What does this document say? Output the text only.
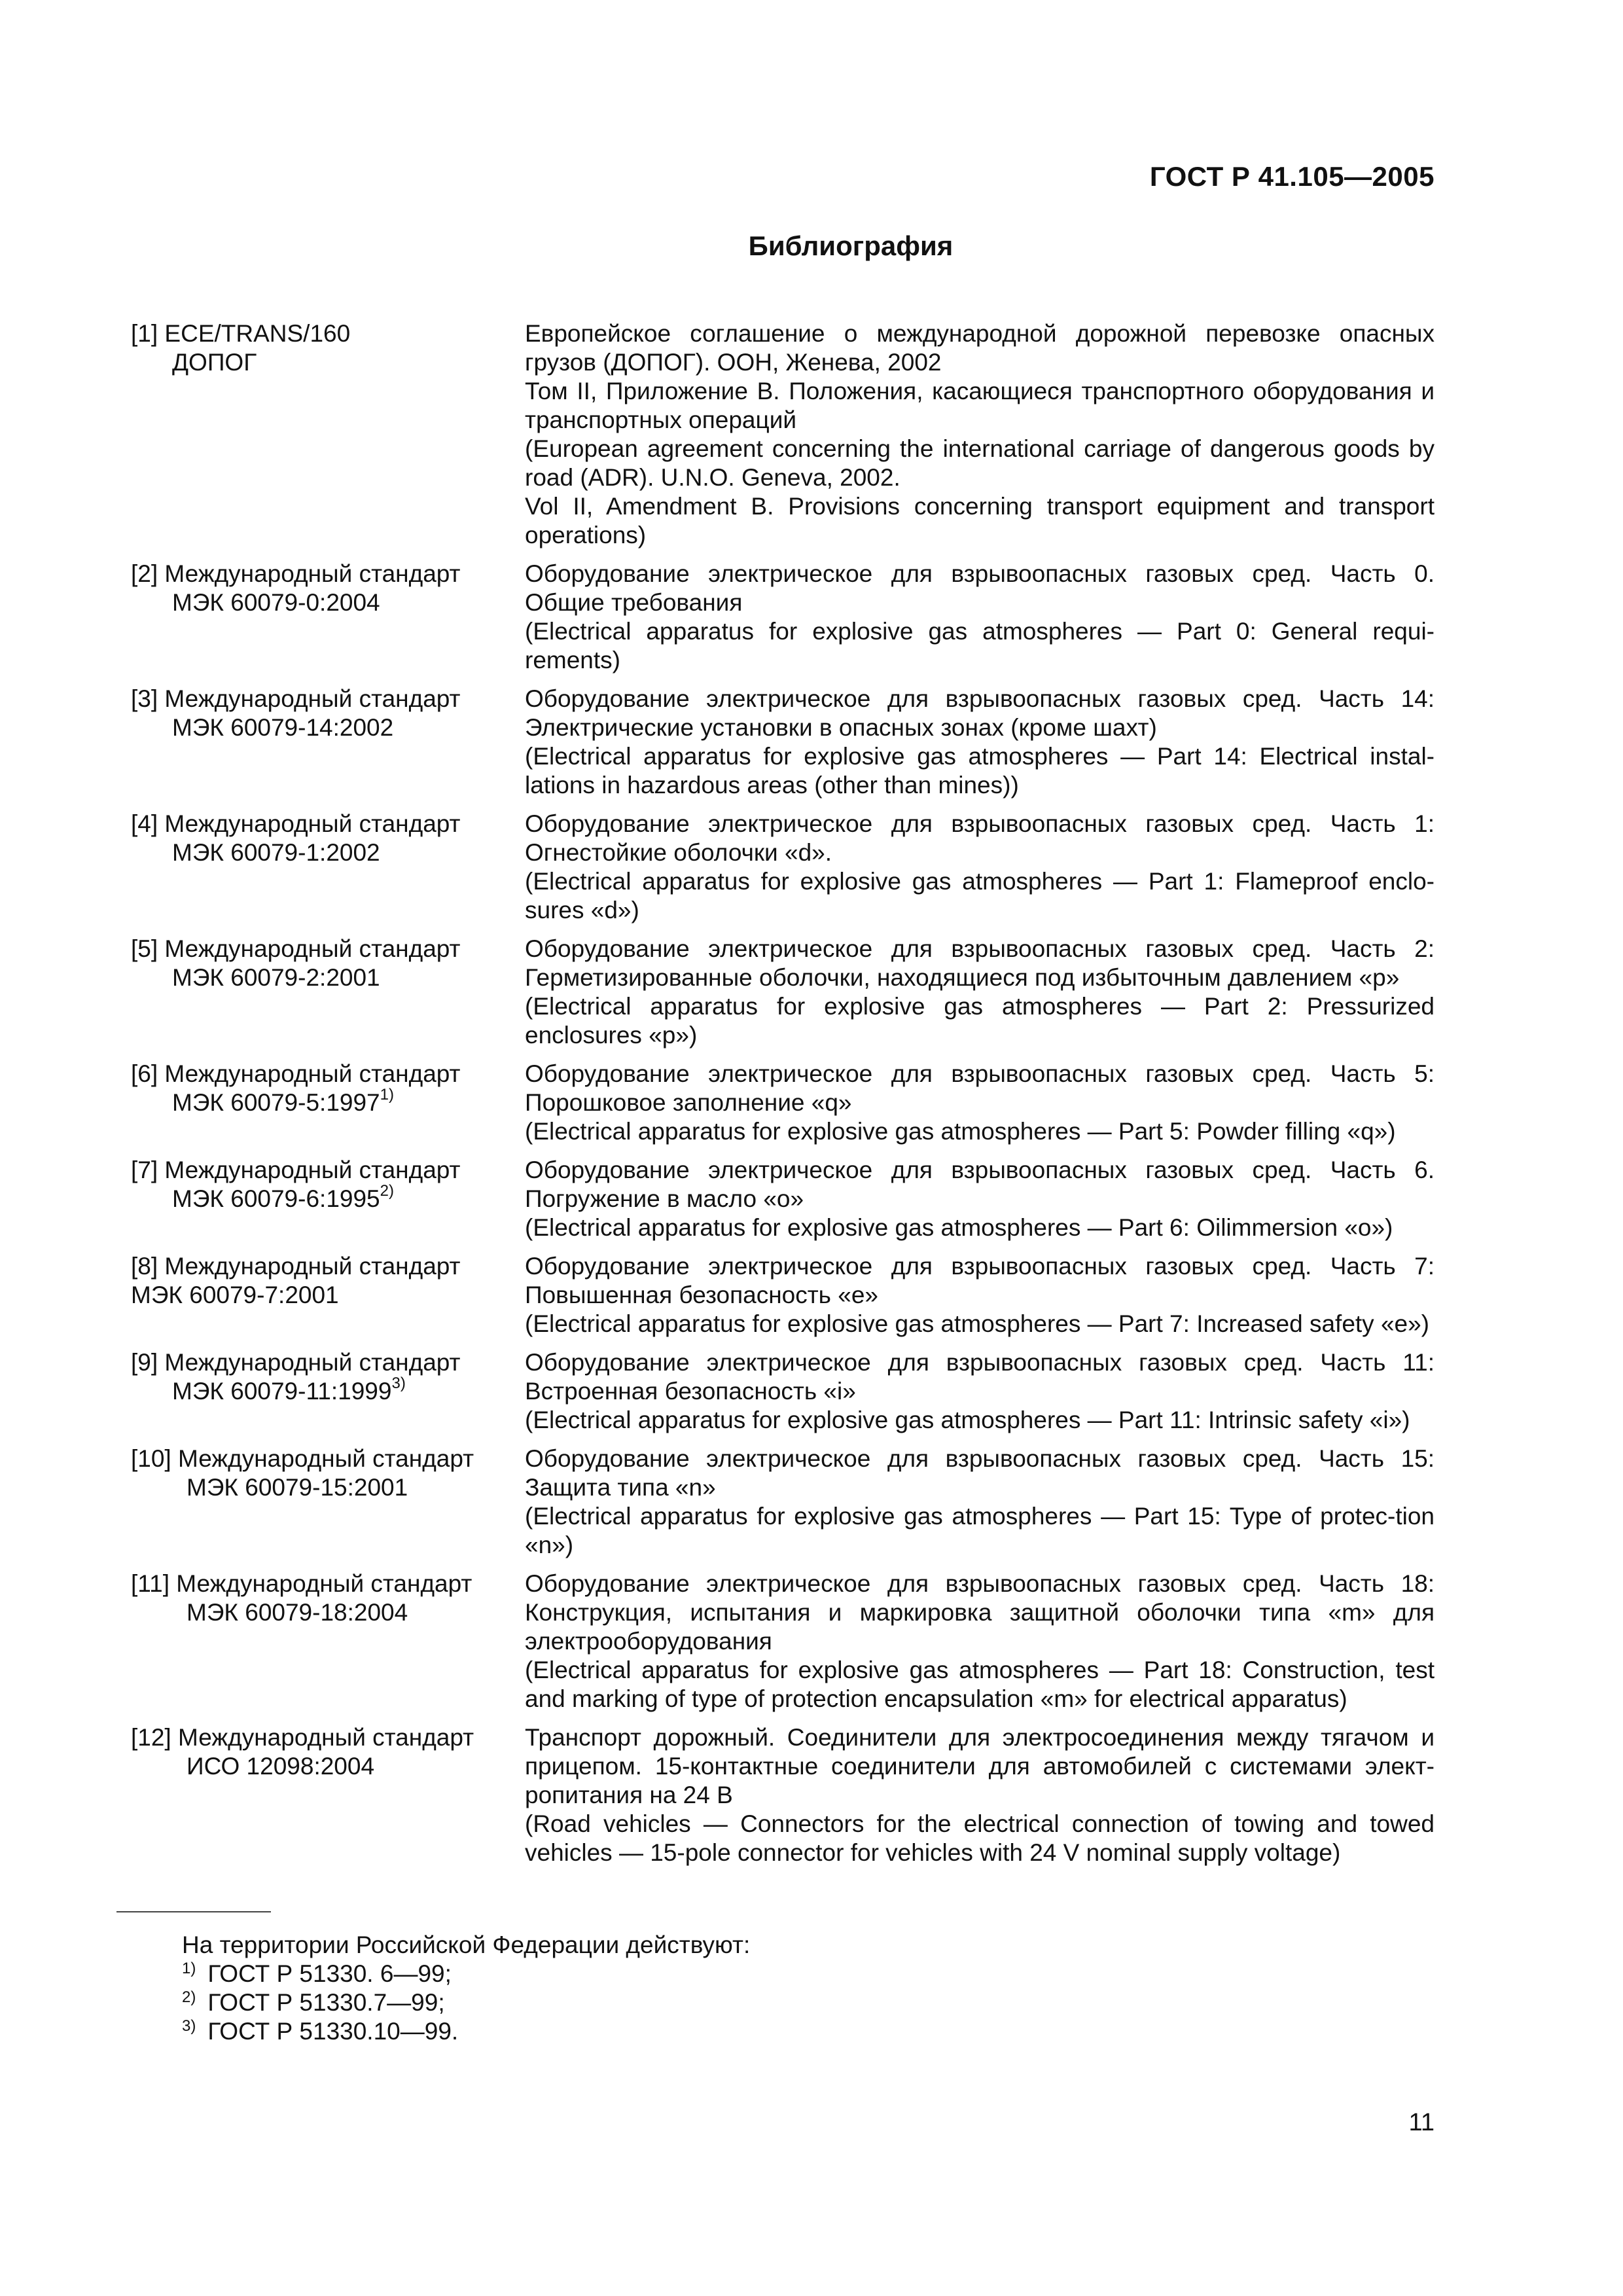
ГОСТ Р 41.105—2005
Библиография
[1] ECE/TRANS/160
ДОПОГ

Европейское соглашение о международной дорожной перевозке опасных грузов (ДОПОГ). ООН, Женева, 2002

Том II, Приложение В. Положения, касающиеся транспортного оборудования и транспортных операций

(European agreement concerning the international carriage of dangerous goods by road (ADR). U.N.O. Geneva, 2002.

Vol II, Amendment B. Provisions concerning transport equipment and transport operations)

[2] Международный стандарт
МЭК 60079-0:2004

Оборудование электрическое для взрывоопасных газовых сред. Часть 0. Общие требования

(Electrical apparatus for explosive gas atmospheres — Part 0: General requi-rements)

[3] Международный стандарт
МЭК 60079-14:2002

Оборудование электрическое для взрывоопасных газовых сред. Часть 14: Электрические установки в опасных зонах (кроме шахт)

(Electrical apparatus for explosive gas atmospheres — Part 14: Electrical instal-lations in hazardous areas (other than mines))

[4] Международный стандарт
МЭК 60079-1:2002

Оборудование электрическое для взрывоопасных газовых сред. Часть 1: Огнестойкие оболочки «d».

(Electrical apparatus for explosive gas atmospheres — Part 1: Flameproof enclo-sures «d»)

[5] Международный стандарт
МЭК 60079-2:2001

Оборудование электрическое для взрывоопасных газовых сред. Часть 2: Герметизированные оболочки, находящиеся под избыточным давлением «р»

(Electrical apparatus for explosive gas atmospheres — Part 2: Pressurized enclosures «р»)

[6] Международный стандарт
МЭК 60079-5:1997$^{1)}$

Оборудование электрическое для взрывоопасных газовых сред. Часть 5: Порошковое заполнение «q»

(Electrical apparatus for explosive gas atmospheres — Part 5: Powder filling «q»)

[7] Международный стандарт
МЭК 60079-6:1995$^{2)}$

Оборудование электрическое для взрывоопасных газовых сред. Часть 6. Погружение в масло «о»

(Electrical apparatus for explosive gas atmospheres — Part 6: Oilimmersion «о»)

[8] Международный стандарт
МЭК 60079-7:2001

Оборудование электрическое для взрывоопасных газовых сред. Часть 7: Повышенная безопасность «е»

(Electrical apparatus for explosive gas atmospheres — Part 7: Increased safety «е»)

[9] Международный стандарт
МЭК 60079-11:1999$^{3)}$

Оборудование электрическое для взрывоопасных газовых сред. Часть 11: Встроенная безопасность «i»

(Electrical apparatus for explosive gas atmospheres — Part 11: Intrinsic safety «i»)

[10] Международный стандарт
МЭК 60079-15:2001

Оборудование электрическое для взрывоопасных газовых сред. Часть 15: Защита типа «n»

(Electrical apparatus for explosive gas atmospheres — Part 15: Type of protec-tion «n»)

[11] Международный стандарт
МЭК 60079-18:2004

Оборудование электрическое для взрывоопасных газовых сред. Часть 18: Конструкция, испытания и маркировка защитной оболочки типа «m» для электрооборудования

(Electrical apparatus for explosive gas atmospheres — Part 18: Construction, test and marking of type of protection encapsulation «m» for electrical apparatus)

[12] Международный стандарт
ИСО 12098:2004

Транспорт дорожный. Соединители для электросоединения между тягачом и прицепом. 15-контактные соединители для автомобилей с системами элект-ропитания на 24 В

(Road vehicles — Connectors for the electrical connection of towing and towed vehicles — 15-pole connector for vehicles with 24 V nominal supply voltage)

На территории Российской Федерации действуют:
$^{1)}$ ГОСТ Р 51330. 6—99;
$^{2)}$ ГОСТ Р 51330.7—99;
$^{3)}$ ГОСТ Р 51330.10—99.
11
